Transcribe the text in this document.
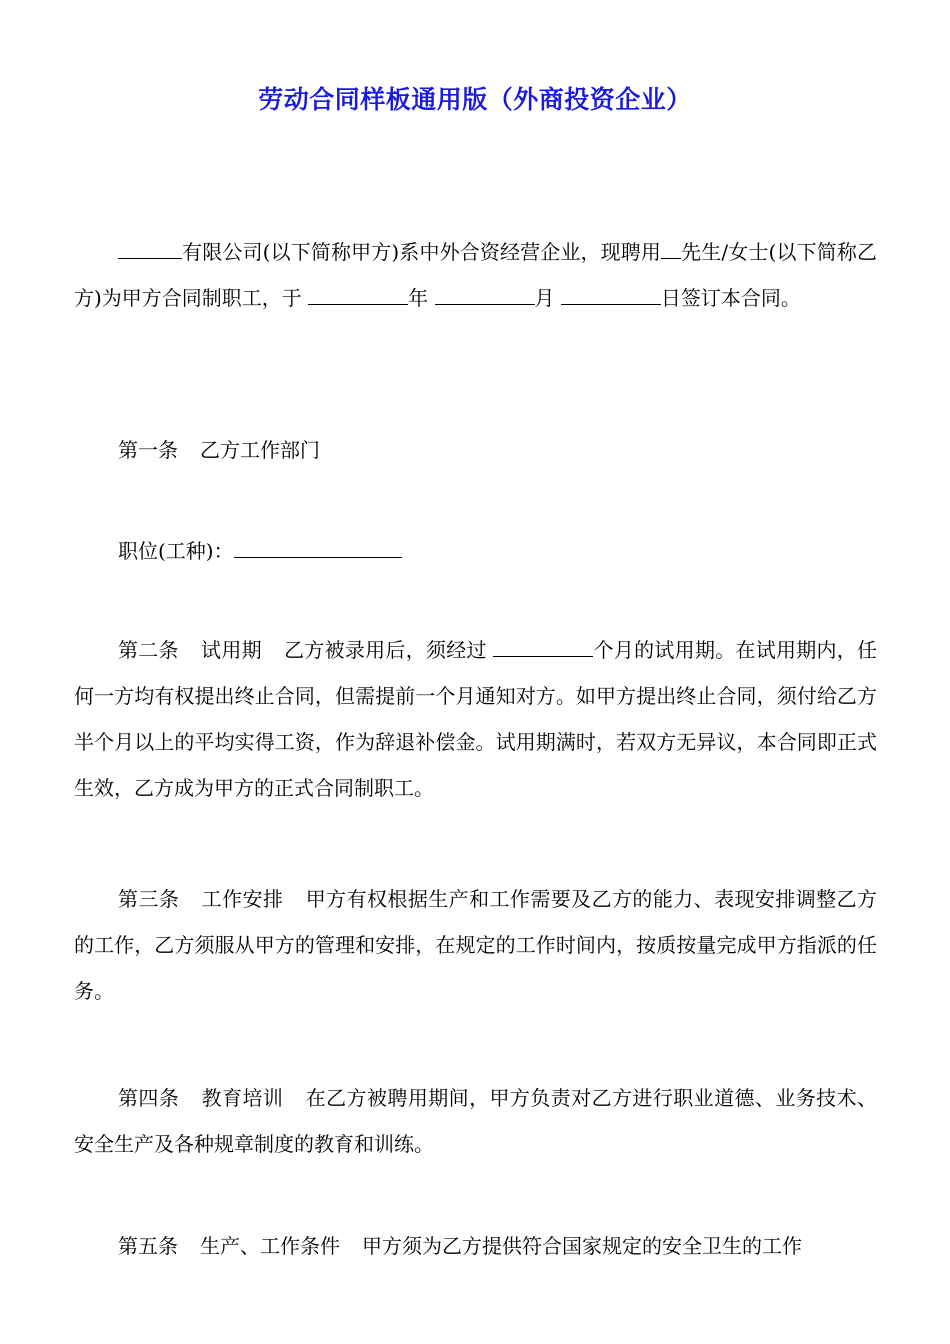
劳动合同样板通用版（外商投资企业）

有限公司(以下简称甲方)系中外合资经营企业，现聘用 先生/女士(以下简称乙方)为甲方合同制职工，于	年	月	日签订本合同。

第一条 乙方工作部门

职位(工种)：

第二条 试用期 乙方被录用后，须经过	个月的试用期。在试用期内，任何一方均有权提出终止合同，但需提前一个月通知对方。如甲方提出终止合同，须付给乙方半个月以上的平均实得工资，作为辞退补偿金。试用期满时，若双方无异议，本合同即正式生效，乙方成为甲方的正式合同制职工。

第三条 工作安排 甲方有权根据生产和工作需要及乙方的能力、表现安排调整乙方的工作，乙方须服从甲方的管理和安排，在规定的工作时间内，按质按量完成甲方指派的任务。

第四条 教育培训 在乙方被聘用期间，甲方负责对乙方进行职业道德、业务技术、安全生产及各种规章制度的教育和训练。

第五条 生产、工作条件 甲方须为乙方提供符合国家规定的安全卫生的工作
